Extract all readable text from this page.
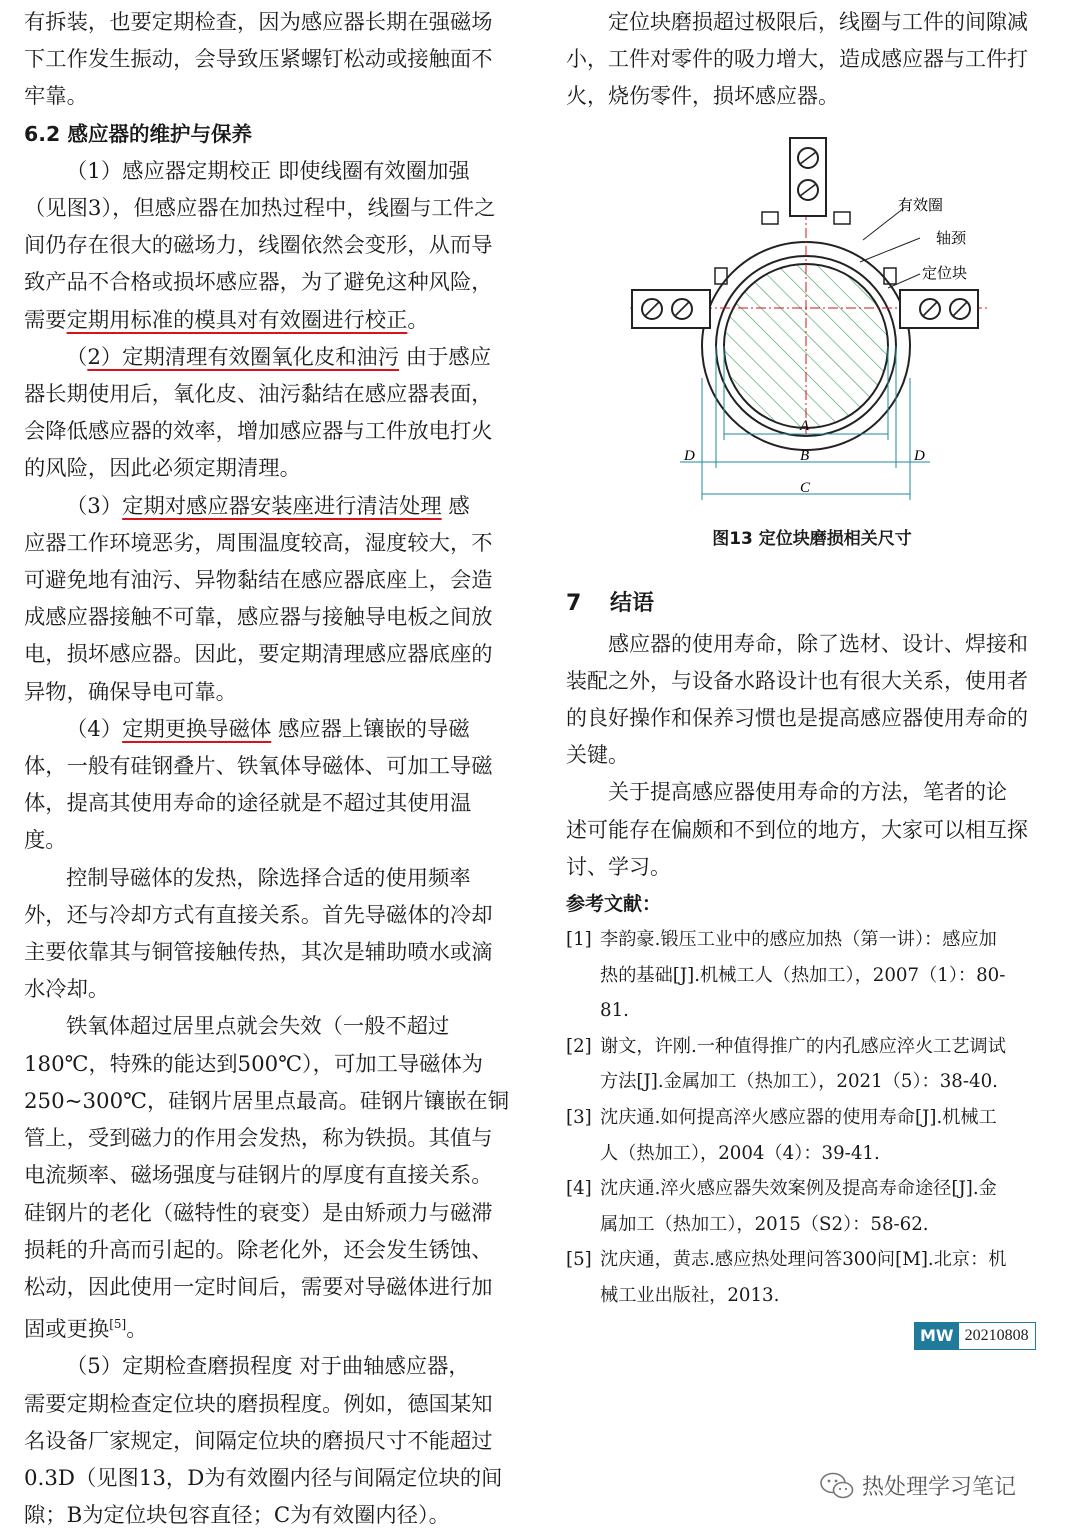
有拆装，也要定期检查，因为感应器长期在强磁场

下工作发生振动，会导致压紧螺钉松动或接触面不

牢靠。

6.2 感应器的维护与保养

（1）感应器定期校正 即使线圈有效圈加强

（见图3），但感应器在加热过程中，线圈与工件之

间仍存在很大的磁场力，线圈依然会变形，从而导

致产品不合格或损坏感应器，为了避免这种风险，

需要定期用标准的模具对有效圈进行校正。

（2）定期清理有效圈氧化皮和油污 由于感应

器长期使用后，氧化皮、油污黏结在感应器表面，

会降低感应器的效率，增加感应器与工件放电打火

的风险，因此必须定期清理。

（3）定期对感应器安装座进行清洁处理 感

应器工作环境恶劣，周围温度较高，湿度较大，不

可避免地有油污、异物黏结在感应器底座上，会造

成感应器接触不可靠，感应器与接触导电板之间放

电，损坏感应器。因此，要定期清理感应器底座的

异物，确保导电可靠。

（4）定期更换导磁体 感应器上镶嵌的导磁

体，一般有硅钢叠片、铁氧体导磁体、可加工导磁

体，提高其使用寿命的途径就是不超过其使用温

度。

控制导磁体的发热，除选择合适的使用频率

外，还与冷却方式有直接关系。首先导磁体的冷却

主要依靠其与铜管接触传热，其次是辅助喷水或滴

水冷却。

铁氧体超过居里点就会失效（一般不超过

180℃，特殊的能达到500℃），可加工导磁体为

250~300℃，硅钢片居里点最高。硅钢片镶嵌在铜

管上，受到磁力的作用会发热，称为铁损。其值与

电流频率、磁场强度与硅钢片的厚度有直接关系。

硅钢片的老化（磁特性的衰变）是由矫顽力与磁滞

损耗的升高而引起的。除老化外，还会发生锈蚀、

松动，因此使用一定时间后，需要对导磁体进行加

固或更换[5]。

（5）定期检查磨损程度 对于曲轴感应器，

需要定期检查定位块的磨损程度。例如，德国某知

名设备厂家规定，间隔定位块的磨损尺寸不能超过

0.3D（见图13，D为有效圈内径与间隔定位块的间

隙；B为定位块包容直径；C为有效圈内径）。

定位块磨损超过极限后，线圈与工件的间隙减

小，工件对零件的吸力增大，造成感应器与工件打

火，烧伤零件，损坏感应器。

7 结语

感应器的使用寿命，除了选材、设计、焊接和

装配之外，与设备水路设计也有很大关系，使用者

的良好操作和保养习惯也是提高感应器使用寿命的

关键。

关于提高感应器使用寿命的方法，笔者的论

述可能存在偏颇和不到位的地方，大家可以相互探

讨、学习。

参考文献：

[1] 李韵豪.锻压工业中的感应加热（第一讲）：感应加
热的基础[J].机械工人（热加工），2007（1）：80-
81.
[2] 谢文，许刚.一种值得推广的内孔感应淬火工艺调试
方法[J].金属加工（热加工），2021（5）：38-40.
[3] 沈庆通.如何提高淬火感应器的使用寿命[J].机械工
人（热加工），2004（4）：39-41.
[4] 沈庆通.淬火感应器失效案例及提高寿命途径[J].金
属加工（热加工），2015（S2）：58-62.
[5] 沈庆通，黄志.感应热处理问答300问[M].北京：机
械工业出版社，2013.
有效圈
轴颈
定位块
A
B
D	D
C
图13 定位块磨损相关尺寸
MW 20210808
热处理学习笔记
